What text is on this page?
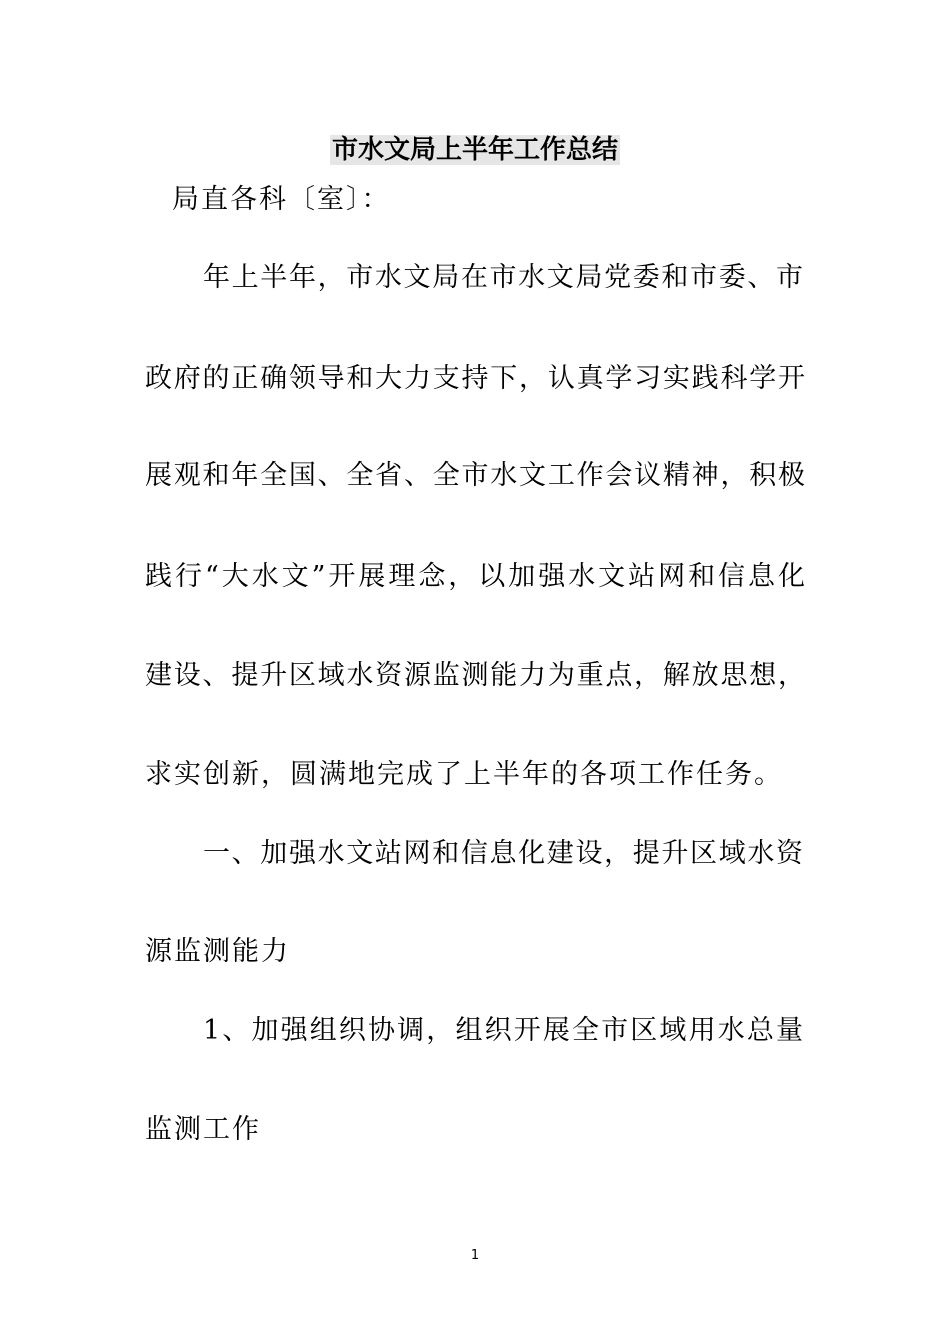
市水文局上半年工作总结
局直各科〔室〕：
年上半年，市水文局在市水文局党委和市委、市
政府的正确领导和大力支持下，认真学习实践科学开
展观和年全国、全省、全市水文工作会议精神，积极
践行“大水文”开展理念，以加强水文站网和信息化
建设、提升区域水资源监测能力为重点，解放思想，
求实创新，圆满地完成了上半年的各项工作任务。
一、加强水文站网和信息化建设，提升区域水资
源监测能力
1、加强组织协调，组织开展全市区域用水总量
监测工作
1
